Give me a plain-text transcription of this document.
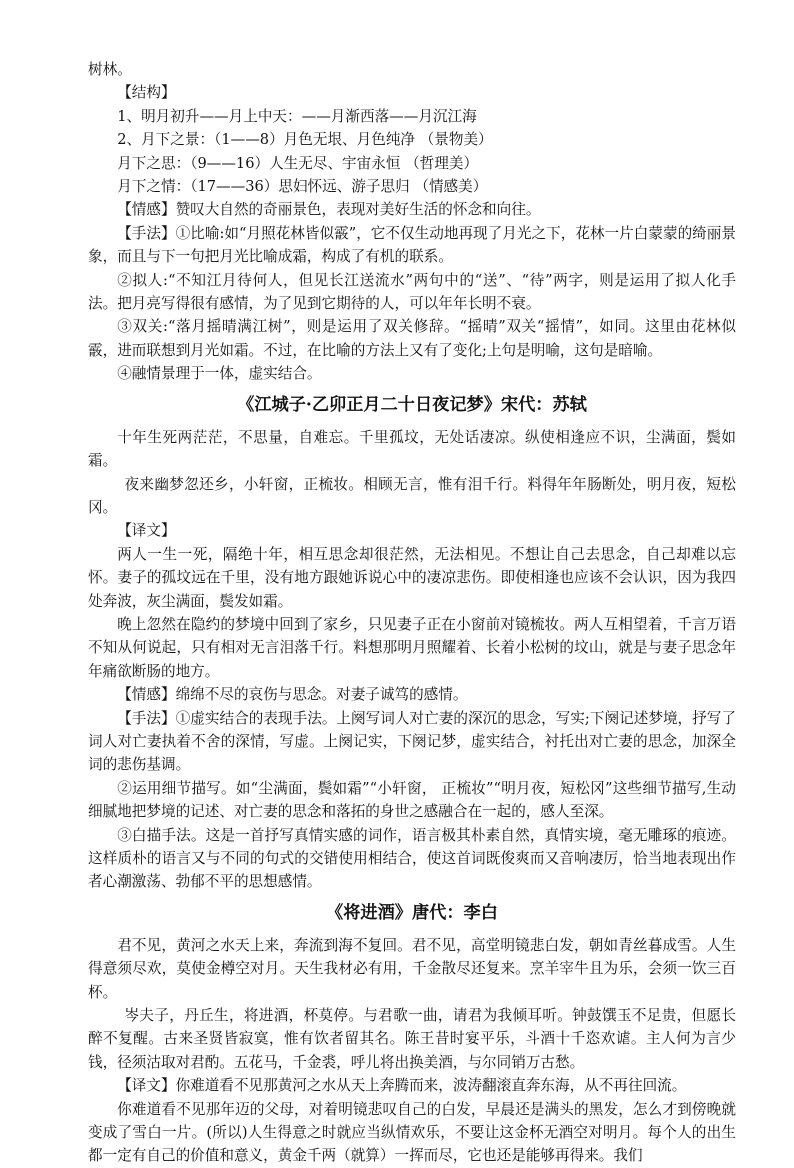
树林。

【结构】

1、明月初升——月上中天：——月渐西落——月沉江海

2、月下之景：（1——8）月色无垠、月色纯净 （景物美）

月下之思：（9——16）人生无尽、宇宙永恒 （哲理美）

月下之情：（17——36）思妇怀远、游子思归 （情感美）

【情感】赞叹大自然的奇丽景色，表现对美好生活的怀念和向往。

【手法】①比喻:如“月照花林皆似霰”，它不仅生动地再现了月光之下，花林一片白蒙蒙的绮丽景象，而且与下一句把月光比喻成霜，构成了有机的联系。

②拟人:“不知江月待何人，但见长江送流水”两句中的“送”、“待”两字，则是运用了拟人化手法。把月亮写得很有感情，为了见到它期待的人，可以年年长明不衰。

③双关:“落月摇晴满江树”，则是运用了双关修辞。“摇晴”双关“摇情”，如同。这里由花林似霰，进而联想到月光如霜。不过，在比喻的方法上又有了变化;上句是明喻，这句是暗喻。

④融情景理于一体，虚实结合。

《江城子·乙卯正月二十日夜记梦》宋代：苏轼

十年生死两茫茫，不思量，自难忘。千里孤坟，无处话凄凉。纵使相逢应不识，尘满面，鬓如霜。

夜来幽梦忽还乡，小轩窗，正梳妆。相顾无言，惟有泪千行。料得年年肠断处，明月夜，短松冈。

【译文】

两人一生一死，隔绝十年，相互思念却很茫然，无法相见。不想让自己去思念，自己却难以忘怀。妻子的孤坟远在千里，没有地方跟她诉说心中的凄凉悲伤。即使相逢也应该不会认识，因为我四处奔波，灰尘满面，鬓发如霜。

晚上忽然在隐约的梦境中回到了家乡，只见妻子正在小窗前对镜梳妆。两人互相望着，千言万语不知从何说起，只有相对无言泪落千行。料想那明月照耀着、长着小松树的坟山，就是与妻子思念年年痛欲断肠的地方。

【情感】绵绵不尽的哀伤与思念。对妻子诚笃的感情。

【手法】①虚实结合的表现手法。上阕写词人对亡妻的深沉的思念，写实;下阕记述梦境，抒写了词人对亡妻执着不舍的深情，写虚。上阕记实，下阕记梦，虚实结合，衬托出对亡妻的思念，加深全词的悲伤基调。

②运用细节描写。如“尘满面，鬓如霜”“小轩窗， 正梳妆”“明月夜，短松冈”这些细节描写,生动细腻地把梦境的记述、对亡妻的思念和落拓的身世之感融合在一起的，感人至深。

③白描手法。这是一首抒写真情实感的词作，语言极其朴素自然，真情实境，毫无雕琢的痕迹。这样质朴的语言又与不同的句式的交错使用相结合，使这首词既俊爽而又音响凄厉，恰当地表现出作者心潮激荡、勃郁不平的思想感情。

《将进酒》唐代：李白

君不见，黄河之水天上来，奔流到海不复回。君不见，高堂明镜悲白发，朝如青丝暮成雪。人生得意须尽欢，莫使金樽空对月。天生我材必有用，千金散尽还复来。烹羊宰牛且为乐，会须一饮三百杯。

岑夫子，丹丘生，将进酒，杯莫停。与君歌一曲，请君为我倾耳听。钟鼓馔玉不足贵，但愿长醉不复醒。古来圣贤皆寂寞，惟有饮者留其名。陈王昔时宴平乐，斗酒十千恣欢谑。主人何为言少钱，径须沽取对君酌。五花马，千金裘，呼儿将出换美酒，与尔同销万古愁。

【译文】你难道看不见那黄河之水从天上奔腾而来，波涛翻滚直奔东海，从不再往回流。

你难道看不见那年迈的父母，对着明镜悲叹自己的白发，早晨还是满头的黑发，怎么才到傍晚就变成了雪白一片。(所以)人生得意之时就应当纵情欢乐，不要让这金杯无酒空对明月。每个人的出生都一定有自己的价值和意义，黄金千两（就算）一挥而尽，它也还是能够再得来。我们
